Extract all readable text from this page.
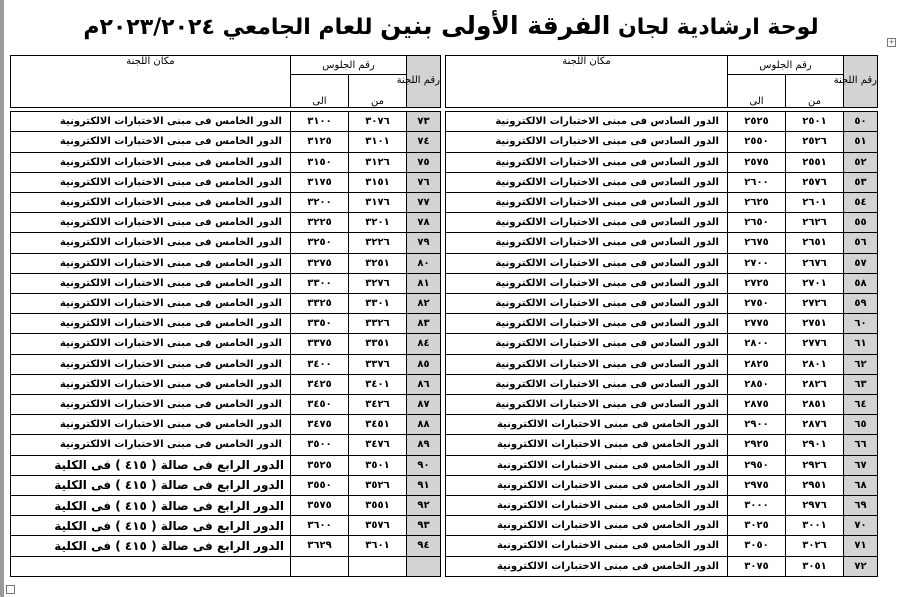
+
لوحة ارشادية لجان الفرقة الأولى بنين للعام الجامعي ٢٠٢٣/٢٠٢٤م
رقم اللجنة	رقم الجلوس		مكان اللجنة
	من	الى	

٥٠	٢٥٠١	٢٥٢٥	الدور السادس فى مبنى الاختبارات الالكترونية
٥١	٢٥٢٦	٢٥٥٠	الدور السادس فى مبنى الاختبارات الالكترونية
٥٢	٢٥٥١	٢٥٧٥	الدور السادس فى مبنى الاختبارات الالكترونية
٥٣	٢٥٧٦	٢٦٠٠	الدور السادس فى مبنى الاختبارات الالكترونية
٥٤	٢٦٠١	٢٦٢٥	الدور السادس فى مبنى الاختبارات الالكترونية
٥٥	٢٦٢٦	٢٦٥٠	الدور السادس فى مبنى الاختبارات الالكترونية
٥٦	٢٦٥١	٢٦٧٥	الدور السادس فى مبنى الاختبارات الالكترونية
٥٧	٢٦٧٦	٢٧٠٠	الدور السادس فى مبنى الاختبارات الالكترونية
٥٨	٢٧٠١	٢٧٢٥	الدور السادس فى مبنى الاختبارات الالكترونية
٥٩	٢٧٢٦	٢٧٥٠	الدور السادس فى مبنى الاختبارات الالكترونية
٦٠	٢٧٥١	٢٧٧٥	الدور السادس فى مبنى الاختبارات الالكترونية
٦١	٢٧٧٦	٢٨٠٠	الدور السادس فى مبنى الاختبارات الالكترونية
٦٢	٢٨٠١	٢٨٢٥	الدور السادس فى مبنى الاختبارات الالكترونية
٦٣	٢٨٢٦	٢٨٥٠	الدور السادس فى مبنى الاختبارات الالكترونية
٦٤	٢٨٥١	٢٨٧٥	الدور السادس فى مبنى الاختبارات الالكترونية
٦٥	٢٨٧٦	٢٩٠٠	الدور الخامس فى مبنى الاختبارات الالكترونية
٦٦	٢٩٠١	٢٩٢٥	الدور الخامس فى مبنى الاختبارات الالكترونية
٦٧	٢٩٢٦	٢٩٥٠	الدور الخامس فى مبنى الاختبارات الالكترونية
٦٨	٢٩٥١	٢٩٧٥	الدور الخامس فى مبنى الاختبارات الالكترونية
٦٩	٢٩٧٦	٣٠٠٠	الدور الخامس فى مبنى الاختبارات الالكترونية
٧٠	٣٠٠١	٣٠٢٥	الدور الخامس فى مبنى الاختبارات الالكترونية
٧١	٣٠٢٦	٣٠٥٠	الدور الخامس فى مبنى الاختبارات الالكترونية
٧٢	٣٠٥١	٣٠٧٥	الدور الخامس فى مبنى الاختبارات الالكترونية
رقم اللجنة	رقم الجلوس		مكان اللجنة
	من	الى	

٧٣	٣٠٧٦	٣١٠٠	الدور الخامس فى مبنى الاختبارات الالكترونية
٧٤	٣١٠١	٣١٢٥	الدور الخامس فى مبنى الاختبارات الالكترونية
٧٥	٣١٢٦	٣١٥٠	الدور الخامس فى مبنى الاختبارات الالكترونية
٧٦	٣١٥١	٣١٧٥	الدور الخامس فى مبنى الاختبارات الالكترونية
٧٧	٣١٧٦	٣٢٠٠	الدور الخامس فى مبنى الاختبارات الالكترونية
٧٨	٣٢٠١	٣٢٢٥	الدور الخامس فى مبنى الاختبارات الالكترونية
٧٩	٣٢٢٦	٣٢٥٠	الدور الخامس فى مبنى الاختبارات الالكترونية
٨٠	٣٢٥١	٣٢٧٥	الدور الخامس فى مبنى الاختبارات الالكترونية
٨١	٣٢٧٦	٣٣٠٠	الدور الخامس فى مبنى الاختبارات الالكترونية
٨٢	٣٣٠١	٣٣٢٥	الدور الخامس فى مبنى الاختبارات الالكترونية
٨٣	٣٣٢٦	٣٣٥٠	الدور الخامس فى مبنى الاختبارات الالكترونية
٨٤	٣٣٥١	٣٣٧٥	الدور الخامس فى مبنى الاختبارات الالكترونية
٨٥	٣٣٧٦	٣٤٠٠	الدور الخامس فى مبنى الاختبارات الالكترونية
٨٦	٣٤٠١	٣٤٢٥	الدور الخامس فى مبنى الاختبارات الالكترونية
٨٧	٣٤٢٦	٣٤٥٠	الدور الخامس فى مبنى الاختبارات الالكترونية
٨٨	٣٤٥١	٣٤٧٥	الدور الخامس فى مبنى الاختبارات الالكترونية
٨٩	٣٤٧٦	٣٥٠٠	الدور الخامس فى مبنى الاختبارات الالكترونية
٩٠	٣٥٠١	٣٥٢٥	الدور الرابع فى صالة ( ٤١٥ ) فى الكلية
٩١	٣٥٢٦	٣٥٥٠	الدور الرابع فى صالة ( ٤١٥ ) فى الكلية
٩٢	٣٥٥١	٣٥٧٥	الدور الرابع فى صالة ( ٤١٥ ) فى الكلية
٩٣	٣٥٧٦	٣٦٠٠	الدور الرابع فى صالة ( ٤١٥ ) فى الكلية
٩٤	٣٦٠١	٣٦٢٩	الدور الرابع فى صالة ( ٤١٥ ) فى الكلية
